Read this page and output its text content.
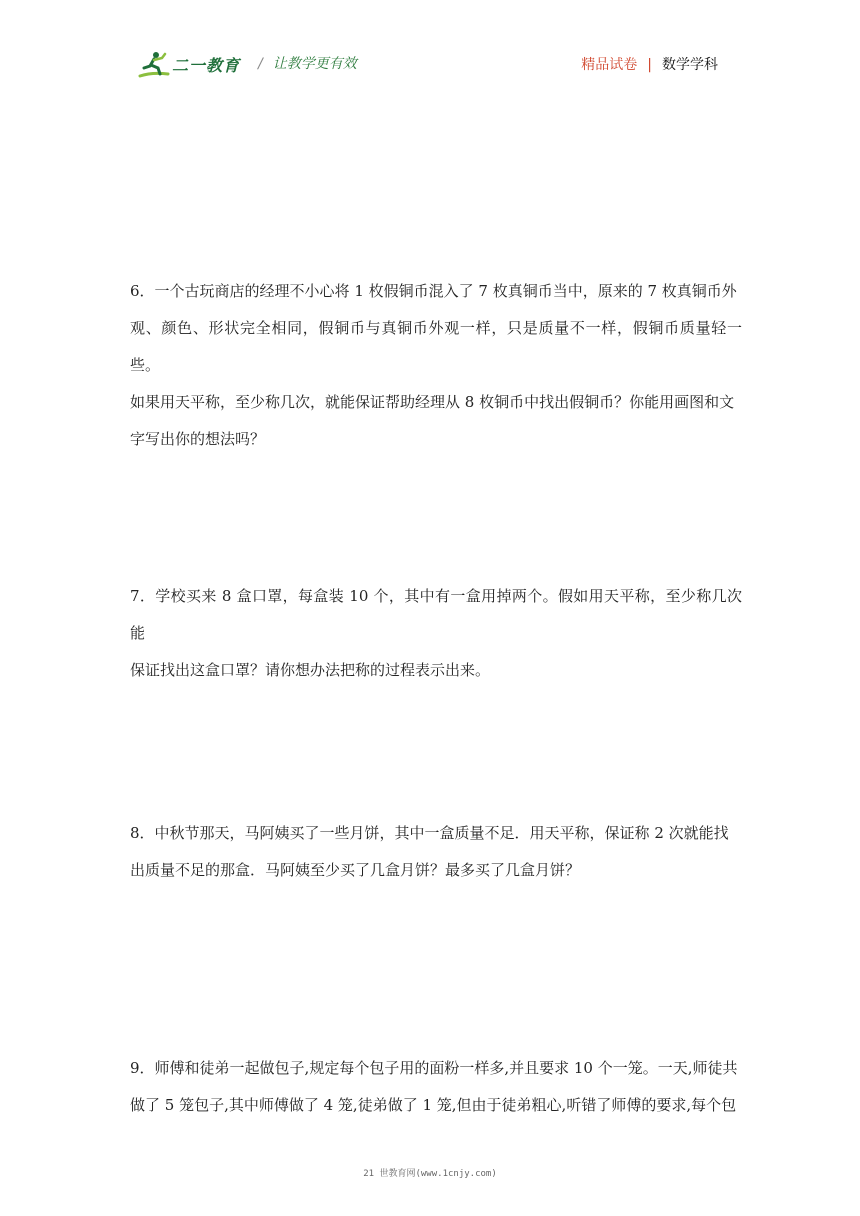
二一教育 / 让教学更有效	精品试卷 | 数学学科
6．一个古玩商店的经理不小心将 1 枚假铜币混入了 7 枚真铜币当中，原来的 7 枚真铜币外
观、颜色、形状完全相同，假铜币与真铜币外观一样，只是质量不一样，假铜币质量轻一些。
如果用天平称，至少称几次，就能保证帮助经理从 8 枚铜币中找出假铜币？你能用画图和文
字写出你的想法吗？
7．学校买来 8 盒口罩，每盒装 10 个，其中有一盒用掉两个。假如用天平称，至少称几次能
保证找出这盒口罩？请你想办法把称的过程表示出来。
8．中秋节那天，马阿姨买了一些月饼，其中一盒质量不足．用天平称，保证称 2 次就能找
出质量不足的那盒．马阿姨至少买了几盒月饼？最多买了几盒月饼？
9．师傅和徒弟一起做包子,规定每个包子用的面粉一样多,并且要求 10 个一笼。一天,师徒共
做了 5 笼包子,其中师傅做了 4 笼,徒弟做了 1 笼,但由于徒弟粗心,听错了师傅的要求,每个包
21 世教育网(www.1cnjy.com)
